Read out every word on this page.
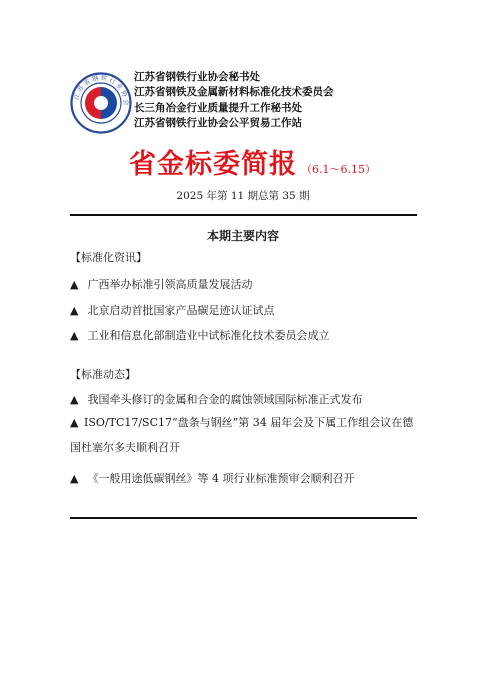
江 苏 省 钢 铁 行 业 协 会
江苏省钢铁行业协会秘书处
江苏省钢铁及金属新材料标准化技术委员会
长三角冶金行业质量提升工作秘书处
江苏省钢铁行业协会公平贸易工作站
省金标委简报 （6.1～6.15）
2025 年第 11 期总第 35 期
本期主要内容
【标准化资讯】
▲ 广西举办标准引领高质量发展活动
▲ 北京启动首批国家产品碳足迹认证试点
▲ 工业和信息化部制造业中试标准化技术委员会成立
【标准动态】
▲ 我国牵头修订的金属和合金的腐蚀领域国际标准正式发布
▲ ISO/TC17/SC17“盘条与钢丝”第 34 届年会及下属工作组会议在德国杜塞尔多夫顺利召开
▲ 《一般用途低碳钢丝》等 4 项行业标准预审会顺利召开
